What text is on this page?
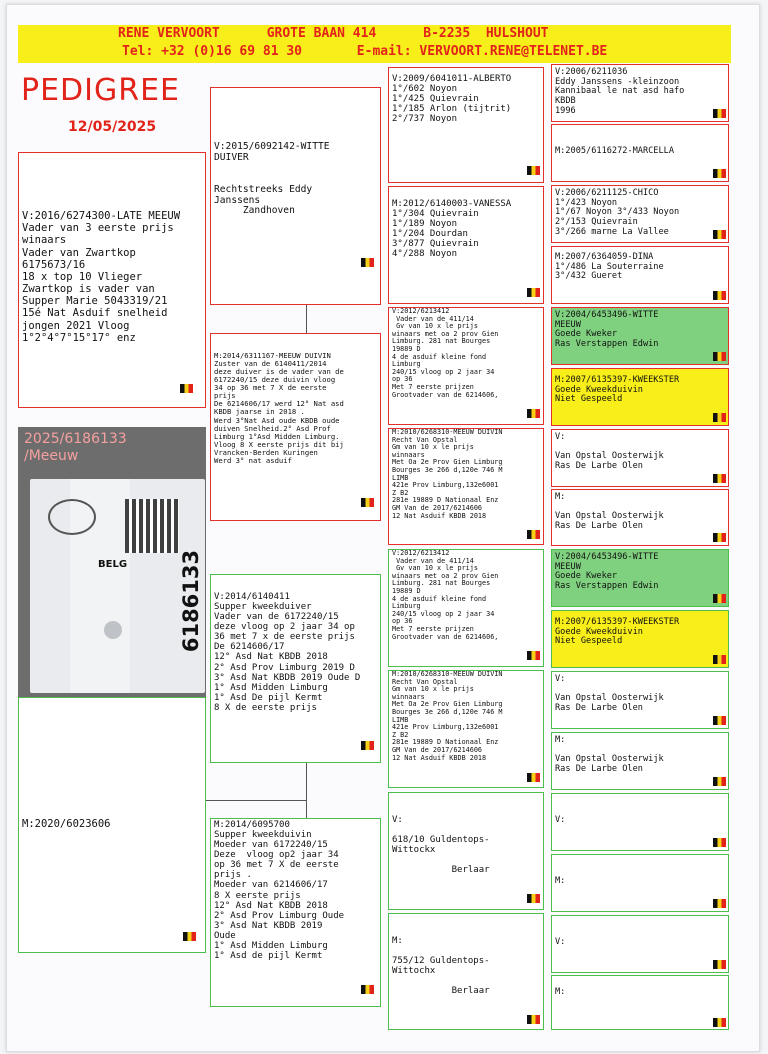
RENE VERVOORT      GROTE BAAN 414      B-2235  HULSHOUT
Tel: +32 (0)16 69 81 30       E-mail: VERVOORT.RENE@TELENET.BE
PEDIGREE
12/05/2025
V:2016/6274300-LATE MEEUW
Vader van 3 eerste prijs
winaars
Vader van Zwartkop
6175673/16
18 x top 10 Vlieger
Zwartkop is vader van
Supper Marie 5043319/21
15é Nat Asduif snelheid
jongen 2021 Vloog
1°2°4°7°15°17° enz
2025/6186133
/Meeuw
BELG 6186133
M:2020/6023606
V:2015/6092142-WITTE
DUIVER

Rechtstreeks Eddy
Janssens
Zandhoven
M:2014/6311167-MEEUW DUIVIN
Zuster van de 6140411/2014
deze duiver is de vader van de
6172240/15 deze duivin vloog
34 op 36 met 7 X de eerste
prijs
De 6214606/17 werd 12° Nat asd
KBDB jaarse in 2018 .
Werd 3°Nat Asd oude KBDB oude
duiven Snelheid.2° Asd Prof
Limburg 1°Asd Midden Limburg.
Vloog 8 X eerste prijs dit bij
Vrancken-Berden Kuringen
Werd 3° nat asduif
V:2014/6140411
Supper kweekduiver
Vader van de 6172240/15
deze vloog op 2 jaar 34 op
36 met 7 x de eerste prijs
De 6214606/17
12° Asd Nat KBDB 2018
2° Asd Prov Limburg 2019 D
3° Asd Nat KBDB 2019 Oude D
1° Asd Midden Limburg
1° Asd De pijl Kermt
8 X de eerste prijs
M:2014/6095700
Supper kweekduivin
Moeder van 6172240/15
Deze  vloog op2 jaar 34
op 36 met 7 X de eerste
prijs .
Moeder van 6214606/17
8 X eerste prijs
12° Asd Nat KBDB 2018
2° Asd Prov Limburg Oude
3° Asd Nat KBDB 2019
Oude
1° Asd Midden Limburg
1° Asd de pijl Kermt
V:2009/6041011-ALBERTO
1°/602 Noyon
1°/425 Quievrain
1°/185 Arlon (tijtrit)
2°/737 Noyon
M:2012/6140003-VANESSA
1°/304 Quievrain
1°/189 Noyon
1°/204 Dourdan
3°/877 Quievrain
4°/288 Noyon
V:2012/6213412
Vader van de 411/14
Gv van 10 x le prijs
winaars met oa 2 prov Gien
Limburg. 281 nat Bourges
19889 D
4 de asduif kleine fond
Limburg
240/15 vloog op 2 jaar 34
op 36
Met 7 eerste prijzen
Grootvader van de 6214606,
M:2010/6268310-MEEUW DUIVIN
Recht Van Opstal
Gm van 10 x le prijs
winnaars
Met Oa 2e Prov Gien Limburg
Bourges 3e 266 d,120e 746 M
LIMB
421e Prov Limburg,132e6001
Z B2
281e 19889 D Nationaal Enz
GM Van de 2017/6214606
12 Nat Asduif KBDB 2018
V:2012/6213412
Vader van de 411/14
Gv van 10 x le prijs
winaars met oa 2 prov Gien
Limburg. 281 nat Bourges
19889 D
4 de asduif kleine fond
Limburg
240/15 vloog op 2 jaar 34
op 36
Met 7 eerste prijzen
Grootvader van de 6214606,
M:2010/6268310-MEEUW DUIVIN
Recht Van Opstal
Gm van 10 x le prijs
winnaars
Met Oa 2e Prov Gien Limburg
Bourges 3e 266 d,120e 746 M
LIMB
421e Prov Limburg,132e6001
Z B2
281e 19889 D Nationaal Enz
GM Van de 2017/6214606
12 Nat Asduif KBDB 2018
V:

618/10 Guldentops-
Wittockx

Berlaar
M:

755/12 Guldentops-
Wittochx

Berlaar
V:2006/6211036
Eddy Janssens -kleinzoon
Kannibaal le nat asd hafo
KBDB
1996

M:2005/6116272-MARCELLA
V:2006/6211125-CHICO
1°/423 Noyon
1°/67 Noyon 3°/433 Noyon
2°/153 Quievrain
3°/266 marne La Vallee
M:2007/6364059-DINA
1°/486 La Souterraine
3°/432 Gueret
V:2004/6453496-WITTE
MEEUW
Goede Kweker
Ras Verstappen Edwin
M:2007/6135397-KWEEKSTER
Goede Kweekduivin
Niet Gespeeld
V:

Van Opstal Oosterwijk
Ras De Larbe Olen
M:

Van Opstal Oosterwijk
Ras De Larbe Olen
V:2004/6453496-WITTE
MEEUW
Goede Kweker
Ras Verstappen Edwin
M:2007/6135397-KWEEKSTER
Goede Kweekduivin
Niet Gespeeld
V:

Van Opstal Oosterwijk
Ras De Larbe Olen
M:

Van Opstal Oosterwijk
Ras De Larbe Olen
V:

M:
V:

M:
